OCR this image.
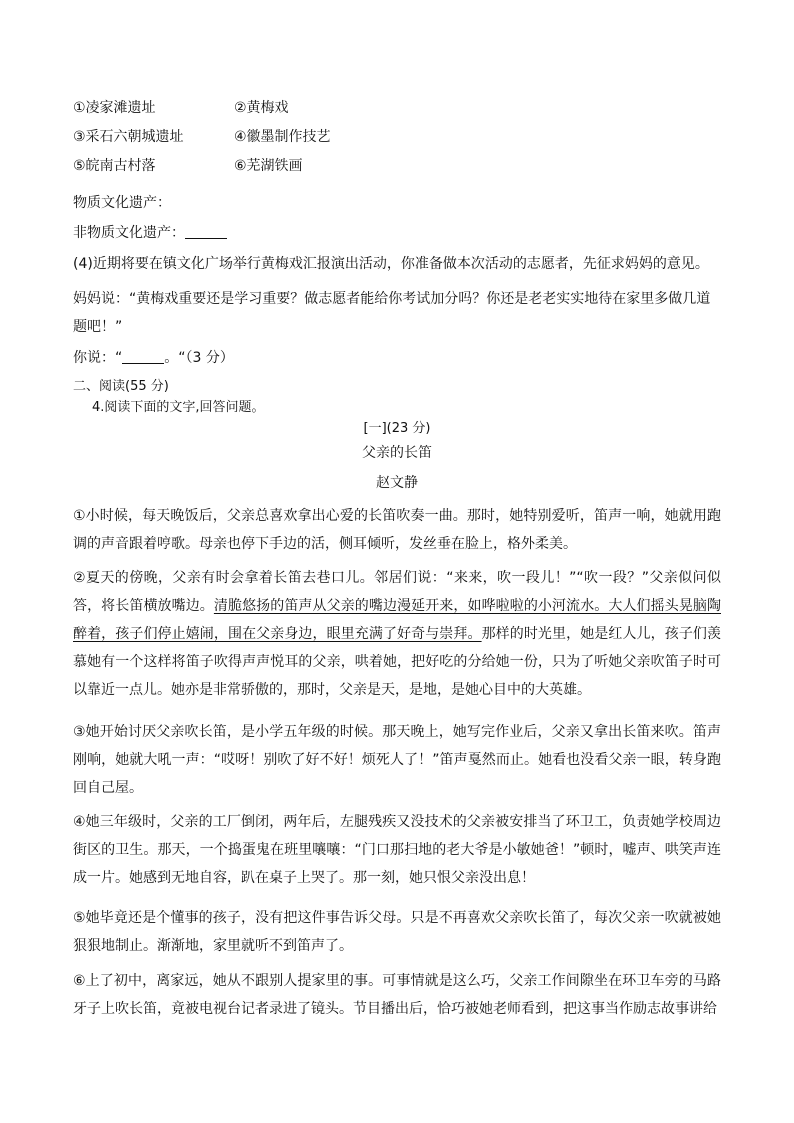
①凌家滩遗址	②黄梅戏
③采石六朝城遗址	④徽墨制作技艺
⑤皖南古村落	⑥芜湖铁画
物质文化遗产：
非物质文化遗产：
(4)近期将要在镇文化广场举行黄梅戏汇报演出活动，你准备做本次活动的志愿者，先征求妈妈的意见。
妈妈说：“黄梅戏重要还是学习重要？做志愿者能给你考试加分吗？你还是老老实实地待在家里多做几道
题吧！”
你说：“	。“（3 分）
二、阅读(55 分)
4.阅读下面的文字,回答问题。
[一](23 分)
父亲的长笛
赵文静
①小时候，每天晚饭后，父亲总喜欢拿出心爱的长笛吹奏一曲。那时，她特别爱听，笛声一响，她就用跑调的声音跟着哼歌。母亲也停下手边的活，侧耳倾听，发丝垂在脸上，格外柔美。
②夏天的傍晚，父亲有时会拿着长笛去巷口儿。邻居们说：“来来，吹一段儿！”“吹一段？”父亲似问似答，将长笛横放嘴边。清脆悠扬的笛声从父亲的嘴边漫延开来，如哗啦啦的小河流水。大人们摇头晃脑陶醉着，孩子们停止嬉闹，围在父亲身边，眼里充满了好奇与崇拜。那样的时光里，她是红人儿，孩子们羡慕她有一个这样将笛子吹得声声悦耳的父亲，哄着她，把好吃的分给她一份，只为了听她父亲吹笛子时可以靠近一点儿。她亦是非常骄傲的，那时，父亲是天，是地，是她心目中的大英雄。
③她开始讨厌父亲吹长笛，是小学五年级的时候。那天晚上，她写完作业后，父亲又拿出长笛来吹。笛声刚响，她就大吼一声：“哎呀！别吹了好不好！烦死人了！”笛声戛然而止。她看也没看父亲一眼，转身跑回自己屋。
④她三年级时，父亲的工厂倒闭，两年后，左腿残疾又没技术的父亲被安排当了环卫工，负责她学校周边街区的卫生。那天，一个捣蛋鬼在班里嚷嚷：“门口那扫地的老大爷是小敏她爸！”顿时，嘘声、哄笑声连成一片。她感到无地自容，趴在桌子上哭了。那一刻，她只恨父亲没出息！
⑤她毕竟还是个懂事的孩子，没有把这件事告诉父母。只是不再喜欢父亲吹长笛了，每次父亲一吹就被她狠狠地制止。渐渐地，家里就听不到笛声了。
⑥上了初中，离家远，她从不跟别人提家里的事。可事情就是这么巧，父亲工作间隙坐在环卫车旁的马路牙子上吹长笛，竟被电视台记者录进了镜头。节目播出后，恰巧被她老师看到，把这事当作励志故事讲给
